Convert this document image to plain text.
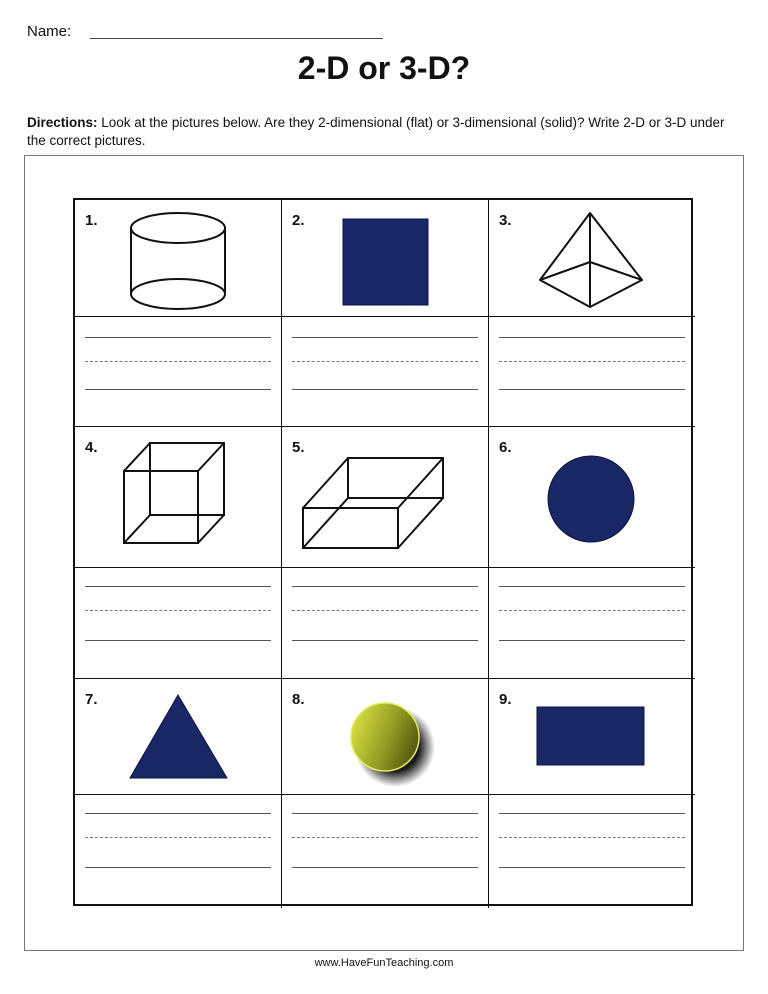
Name:
2-D or 3-D?
Directions: Look at the pictures below. Are they 2-dimensional (flat) or 3-dimensional (solid)? Write 2-D or 3-D under the correct pictures.
1.	2.	3.
4.	5.	6.
7.	8.	9.
www.HaveFunTeaching.com
